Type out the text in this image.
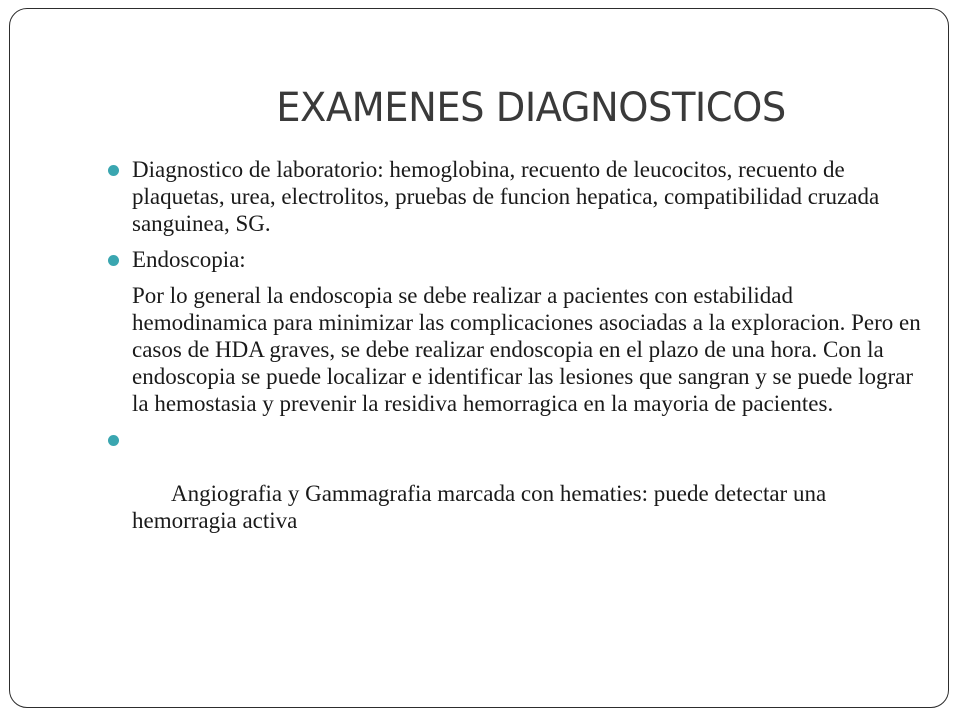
EXAMENES DIAGNOSTICOS

Diagnostico de laboratorio: hemoglobina, recuento de leucocitos, recuento de plaquetas, urea, electrolitos, pruebas de funcion hepatica, compatibilidad cruzada sanguinea, SG.

Endoscopia:

Por lo general la endoscopia se debe realizar a pacientes con estabilidad hemodinamica para minimizar las complicaciones asociadas a la exploracion. Pero en casos de HDA graves, se debe realizar endoscopia en el plazo de una hora. Con la endoscopia se puede localizar e identificar las lesiones que sangran y se puede lograr la hemostasia y prevenir la residiva hemorragica en la mayoria de pacientes.

Angiografia y Gammagrafia marcada con hematies: puede detectar una hemorragia activa
